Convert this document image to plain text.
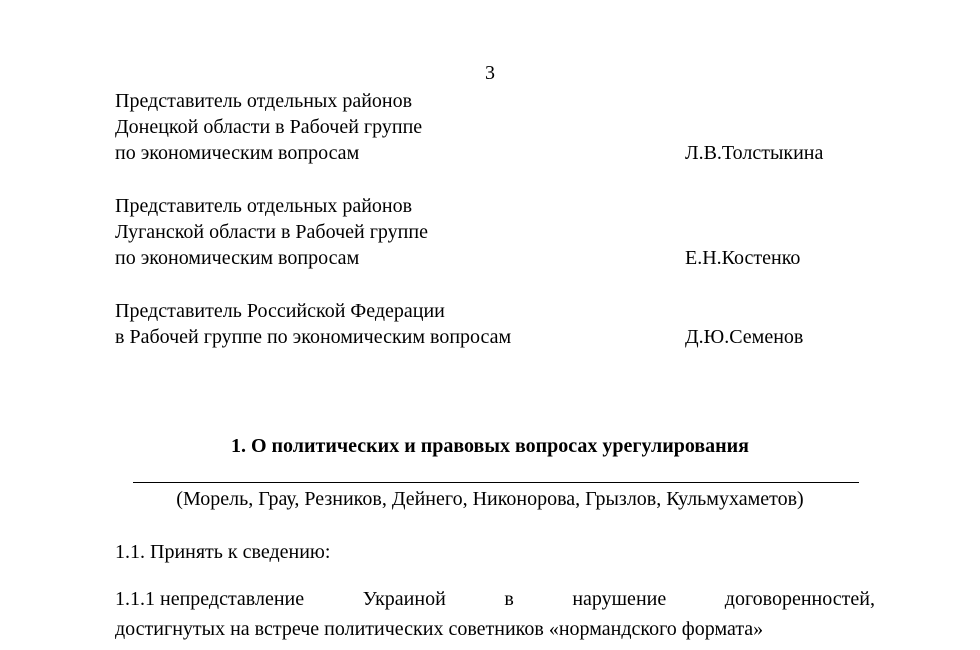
3
Представитель отдельных районов
Донецкой области в Рабочей группе
по экономическим вопросам	Л.В.Толстыкина
Представитель отдельных районов
Луганской области в Рабочей группе
по экономическим вопросам	Е.Н.Костенко
Представитель Российской Федерации
в Рабочей группе по экономическим вопросам	Д.Ю.Семенов
1. О политических и правовых вопросах урегулирования
(Морель, Грау, Резников, Дейнего, Никонорова, Грызлов, Кульмухаметов)
1.1. Принять к сведению:
1.1.1 непредставление	Украиной	в	нарушение	договоренностей,
достигнутых на встрече политических советников «нормандского формата»
